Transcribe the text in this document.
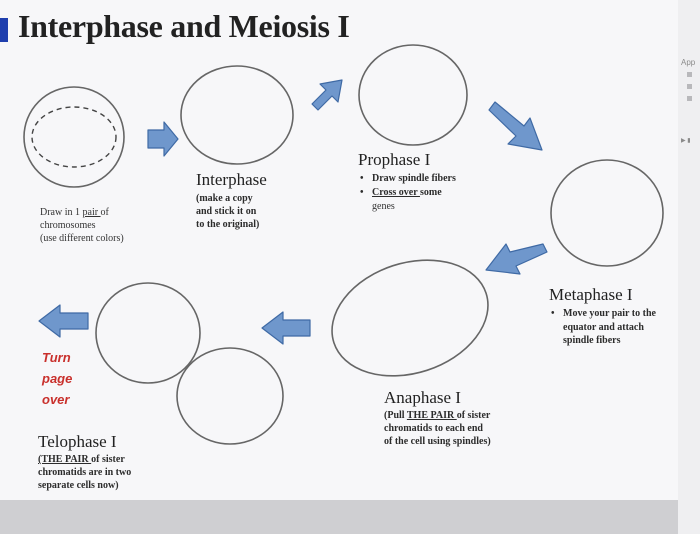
App
▶ ▮
Interphase and Meiosis I
Draw in 1 pair of
chromosomes
(use different colors)
Interphase
(make a copy
and stick it on
to the original)
Prophase I
• Draw spindle fibers
• Cross over some
genes
Metaphase I
• Move your pair to the
equator and attach
spindle fibers
Anaphase I
(Pull THE PAIR of sister
chromatids to each end
of the cell using spindles)
Turn
page
over
Telophase I
(THE PAIR of sister
chromatids are in two
separate cells now)
